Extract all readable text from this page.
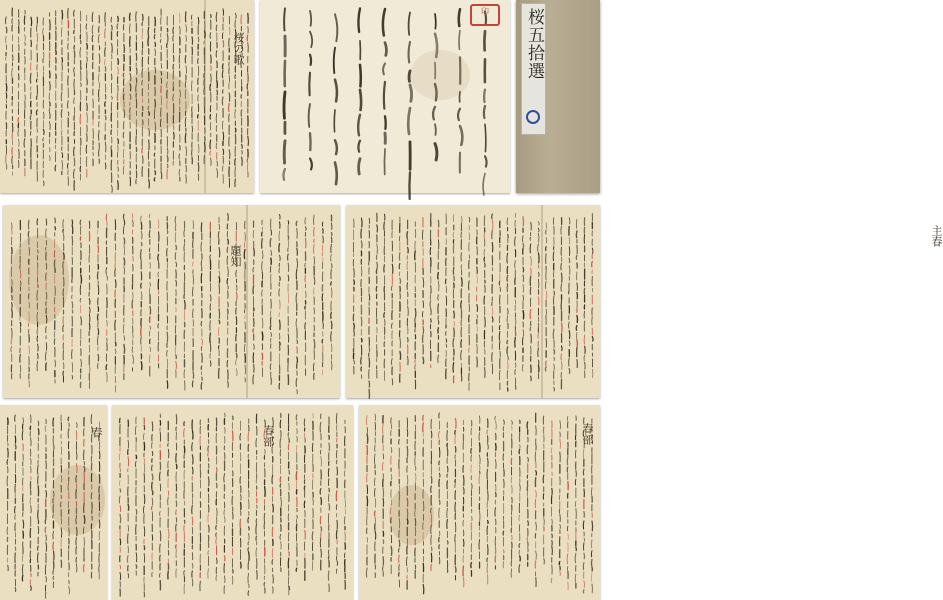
桜の歌
印	桜五拾選
題知
主春
春	春部	春部
